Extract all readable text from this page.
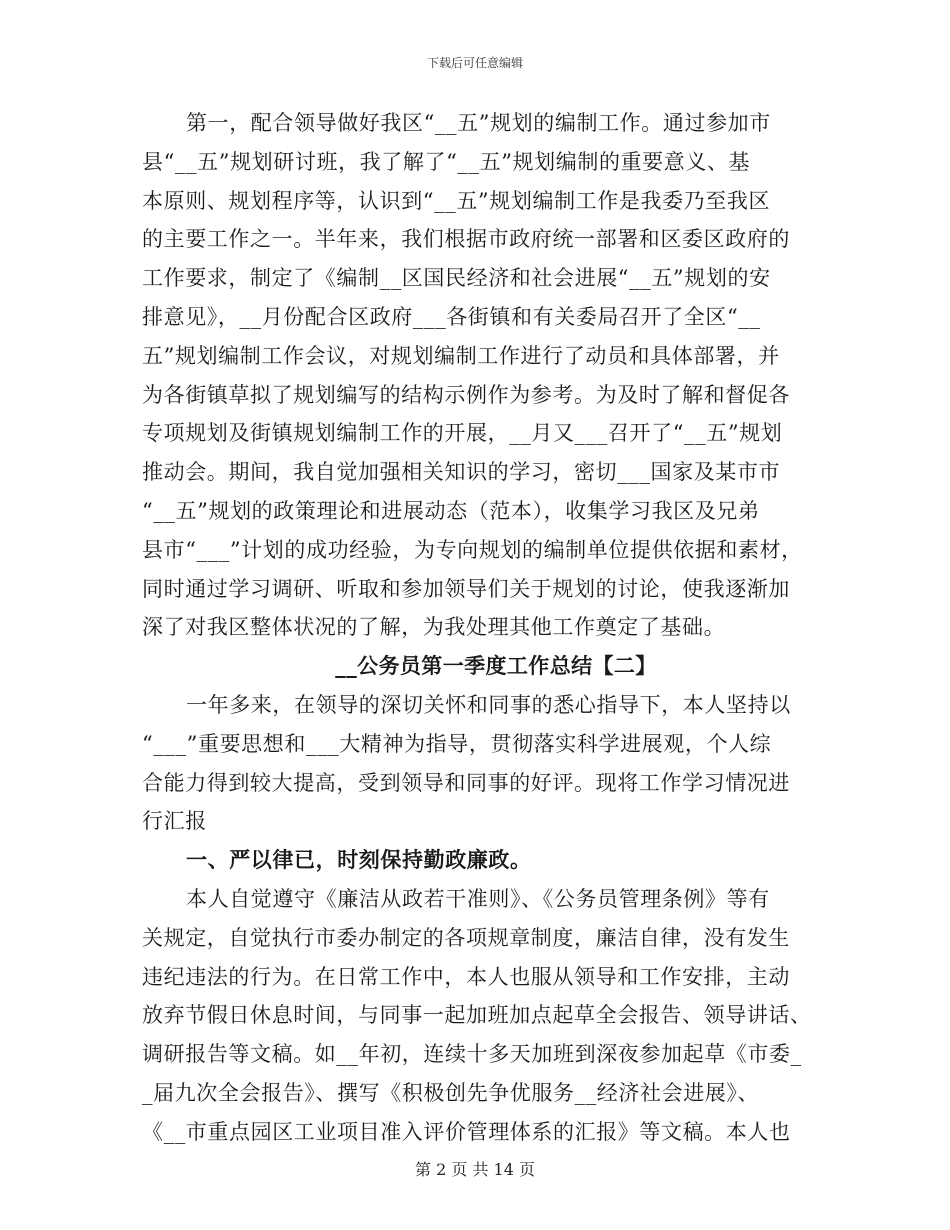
下载后可任意编辑
第一，配合领导做好我区“__五”规划的编制工作。通过参加市
县“__五”规划研讨班，我了解了“__五”规划编制的重要意义、基
本原则、规划程序等，认识到“__五”规划编制工作是我委乃至我区
的主要工作之一。半年来，我们根据市政府统一部署和区委区政府的
工作要求，制定了《编制__区国民经济和社会进展“__五”规划的安
排意见》，__月份配合区政府___各街镇和有关委局召开了全区“__
五”规划编制工作会议，对规划编制工作进行了动员和具体部署，并
为各街镇草拟了规划编写的结构示例作为参考。为及时了解和督促各
专项规划及街镇规划编制工作的开展，__月又___召开了“__五”规划
推动会。期间，我自觉加强相关知识的学习，密切___国家及某市市
“__五”规划的政策理论和进展动态（范本），收集学习我区及兄弟
县市“___”计划的成功经验，为专向规划的编制单位提供依据和素材，
同时通过学习调研、听取和参加领导们关于规划的讨论，使我逐渐加
深了对我区整体状况的了解，为我处理其他工作奠定了基础。
__公务员第一季度工作总结【二】
一年多来，在领导的深切关怀和同事的悉心指导下，本人坚持以
“___”重要思想和___大精神为指导，贯彻落实科学进展观，个人综
合能力得到较大提高，受到领导和同事的好评。现将工作学习情况进
行汇报
一、严以律已，时刻保持勤政廉政。
本人自觉遵守《廉洁从政若干准则》、《公务员管理条例》等有
关规定，自觉执行市委办制定的各项规章制度，廉洁自律，没有发生
违纪违法的行为。在日常工作中，本人也服从领导和工作安排，主动
放弃节假日休息时间，与同事一起加班加点起草全会报告、领导讲话、
调研报告等文稿。如__年初，连续十多天加班到深夜参加起草《市委_
_届九次全会报告》、撰写《积极创先争优服务__经济社会进展》、
《__市重点园区工业项目准入评价管理体系的汇报》等文稿。本人也
第 2 页 共 14 页
